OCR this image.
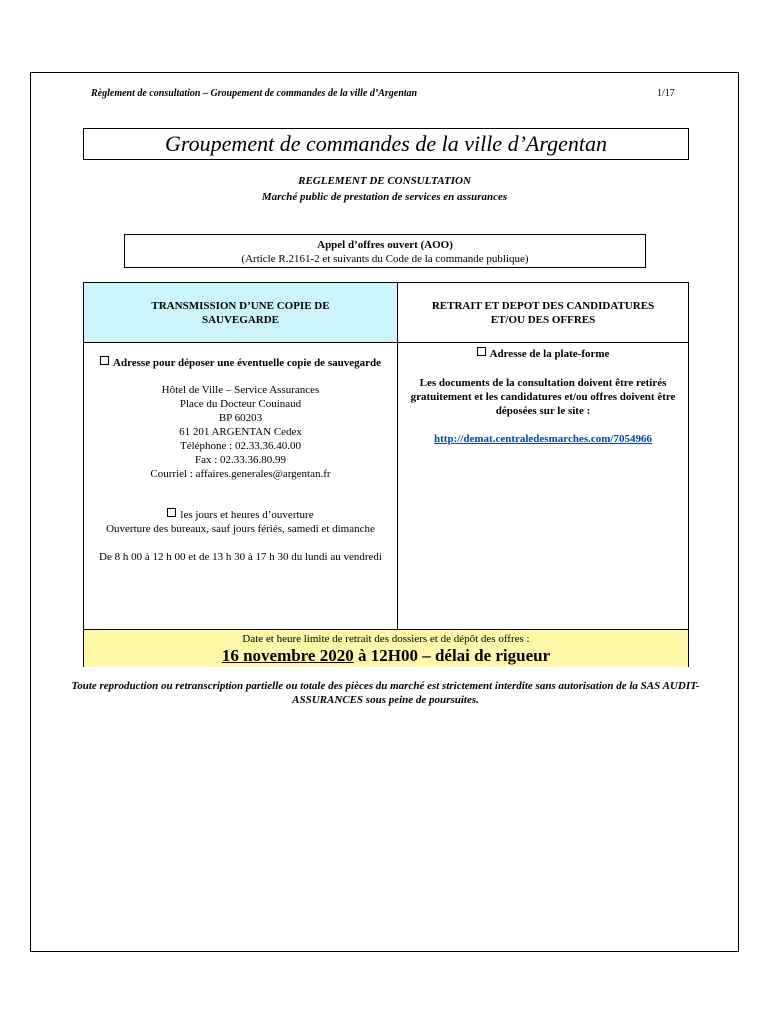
Règlement de consultation – Groupement de commandes de la ville d’Argentan	1/17
Groupement de commandes de la ville d’Argentan
REGLEMENT DE CONSULTATION
Marché public de prestation de services en assurances

Appel d’offres ouvert (AOO)

(Article R.2161-2 et suivants du Code de la commande publique)

TRANSMISSION D’UNE COPIE DE SAUVEGARDE
RETRAIT ET DEPOT DES CANDIDATURES ET/OU DES OFFRES

Adresse pour déposer une éventuelle copie de sauvegarde

Hôtel de Ville – Service Assurances

Place du Docteur Couinaud

BP 60203

61 201 ARGENTAN Cedex

Téléphone : 02.33.36.40.00

Fax : 02.33.36.80.99

Courriel : affaires.generales@argentan.fr

les jours et heures d’ouverture

Ouverture des bureaux, sauf jours fériés, samedi et dimanche

De 8 h 00 à 12 h 00 et de 13 h 30 à 17 h 30 du lundi au vendredi

Adresse de la plate-forme

Les documents de la consultation doivent être retirés gratuitement et les candidatures et/ou offres doivent être déposées sur le site :

http://demat.centraledesmarches.com/7054966

Date et heure limite de retrait des dossiers et de dépôt des offres :
16 novembre 2020 à 12H00 – délai de rigueur
Toute reproduction ou retranscription partielle ou totale des pièces du marché est strictement interdite sans autorisation de la SAS AUDIT-ASSURANCES sous peine de poursuites.
